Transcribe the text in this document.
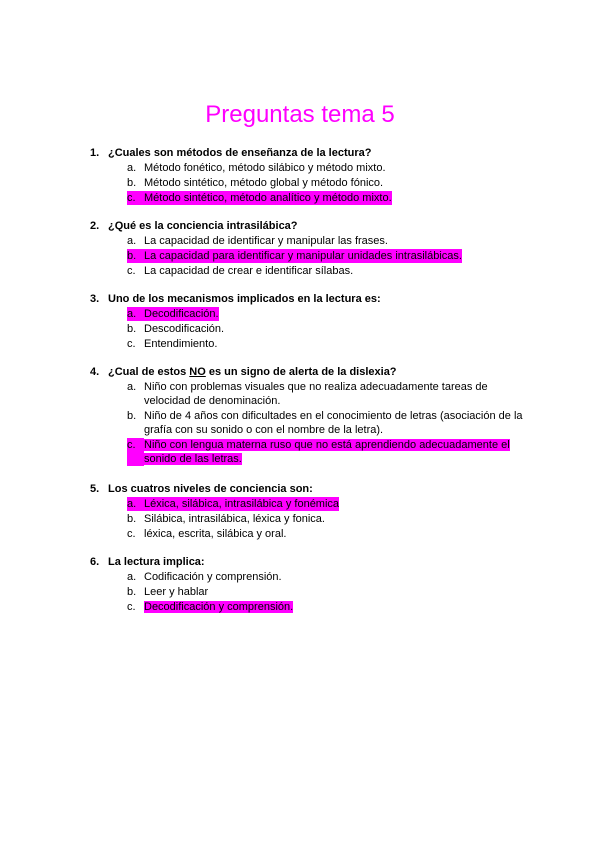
Preguntas tema 5
1. ¿Cuales son métodos de enseñanza de la lectura?
a. Método fonético, método silábico y método mixto.
b. Método sintético, método global y método fónico.
c. Método sintético, método analítico y método mixto.
2. ¿Qué es la conciencia intrasilábica?
a. La capacidad de identificar y manipular las frases.
b. La capacidad para identificar y manipular unidades intrasilábicas.
c. La capacidad de crear e identificar sílabas.
3. Uno de los mecanismos implicados en la lectura es:
a. Decodificación.
b. Descodificación.
c. Entendimiento.
4. ¿Cual de estos NO es un signo de alerta de la dislexia?
a. Niño con problemas visuales que no realiza adecuadamente tareas de velocidad de denominación.
b. Niño de 4 años con dificultades en el conocimiento de letras (asociación de la grafía con su sonido o con el nombre de la letra).
c. Niño con lengua materna ruso que no está aprendiendo adecuadamente el sonido de las letras.
5. Los cuatros niveles de conciencia son:
a. Léxica, silábica, intrasilábica y fonémica
b. Silábica, intrasilábica, léxica y fonica.
c. léxica, escrita, silábica y oral.
6. La lectura implica:
a. Codificación y comprensión.
b. Leer y hablar
c. Decodificación y comprensión.
